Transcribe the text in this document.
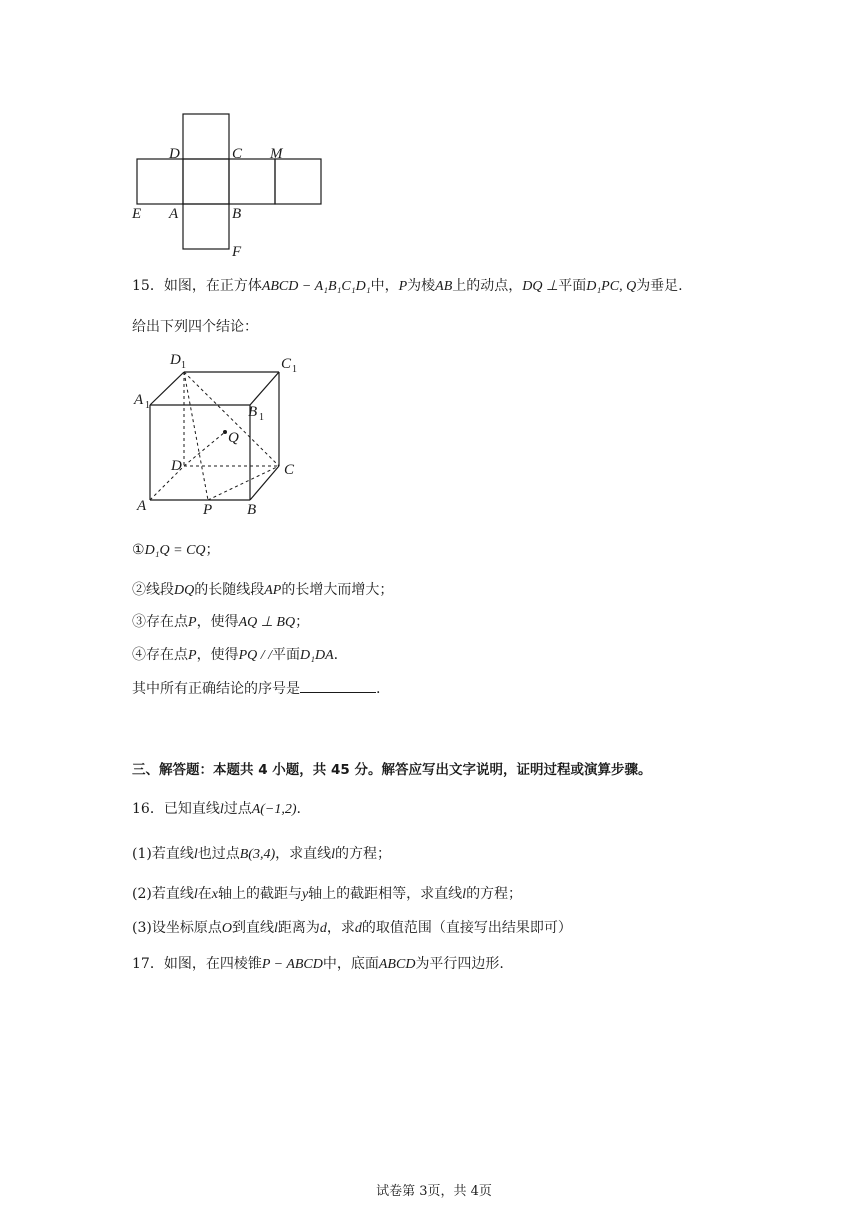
D	C M
E A	B
F
15．如图，在正方体ABCD − A₁B₁C₁D₁中，P为棱AB上的动点，DQ ⊥平面D₁PC, Q为垂足.
给出下列四个结论：
D 1	C 1
A 1	B 1
Q
D	C
A	P B
①D₁Q = CQ；
②线段DQ的长随线段AP的长增大而增大；
③存在点P，使得AQ ⊥ BQ；
④存在点P，使得PQ / /平面D₁DA.
其中所有正确结论的序号是	.
三、解答题：本题共 4 小题，共 45 分。解答应写出文字说明，证明过程或演算步骤。
16．已知直线l过点A(−1,2).
(1)若直线l也过点B(3,4)，求直线l的方程；
(2)若直线l在x轴上的截距与y轴上的截距相等，求直线l的方程；
(3)设坐标原点O到直线l距离为d，求d的取值范围（直接写出结果即可）
17．如图，在四棱锥P − ABCD中，底面ABCD为平行四边形.
试卷第 3页，共 4页
